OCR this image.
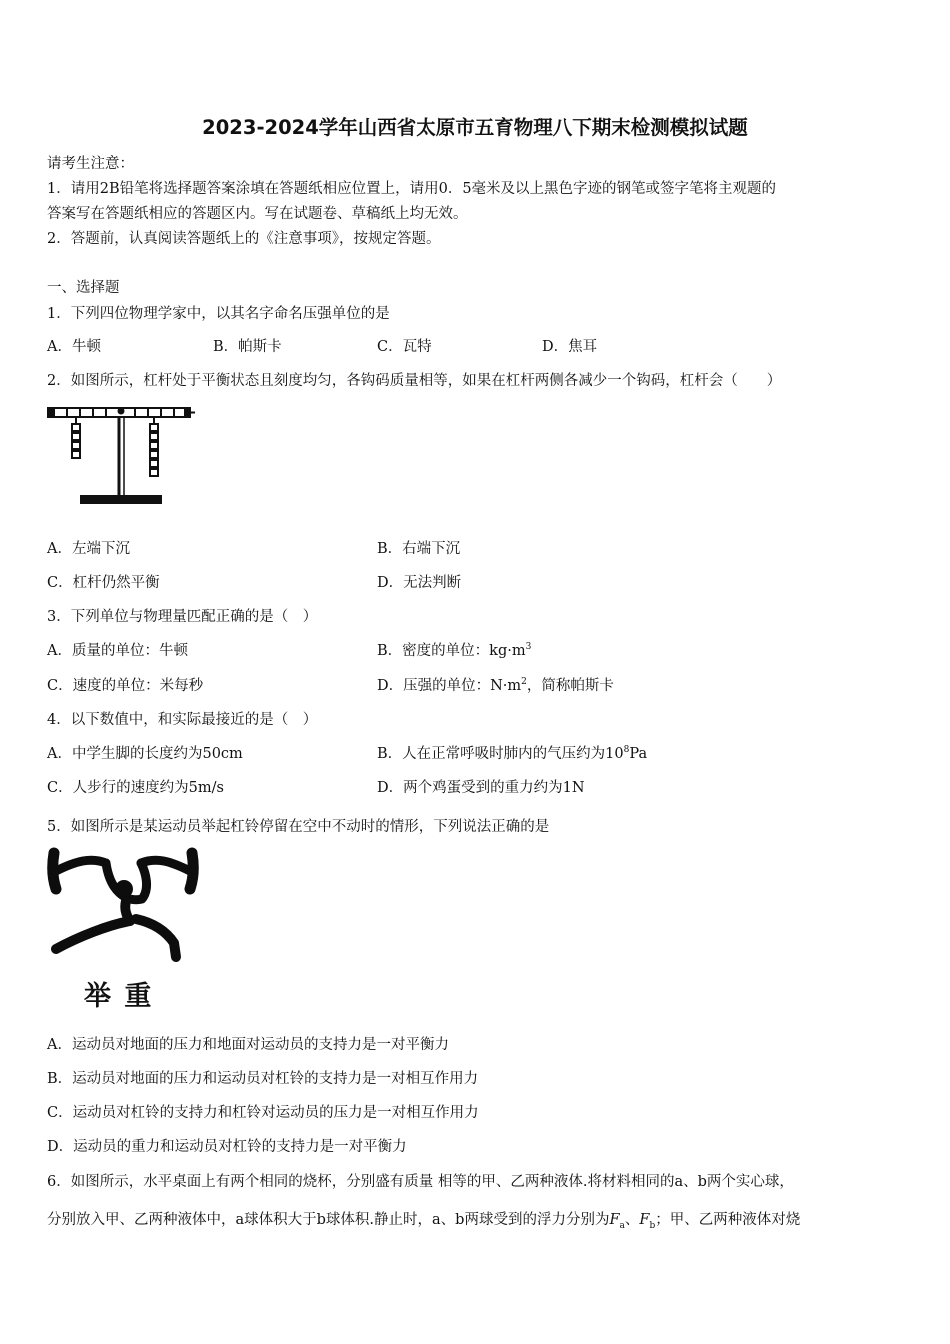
2023-2024学年山西省太原市五育物理八下期末检测模拟试题
请考生注意：
1．请用2B铅笔将选择题答案涂填在答题纸相应位置上，请用0．5毫米及以上黑色字迹的钢笔或签字笔将主观题的
答案写在答题纸相应的答题区内。写在试题卷、草稿纸上均无效。
2．答题前，认真阅读答题纸上的《注意事项》，按规定答题。
一、选择题
1．下列四位物理学家中，以其名字命名压强单位的是
A．牛顿	B．帕斯卡	C．瓦特	D．焦耳
2．如图所示，杠杆处于平衡状态且刻度均匀，各钩码质量相等，如果在杠杆两侧各减少一个钩码，杠杆会（　　）
A．左端下沉	B．右端下沉
C．杠杆仍然平衡	D．无法判断
3．下列单位与物理量匹配正确的是（　）
A．质量的单位：牛顿	B．密度的单位：$kg\cdot m^3$
C．速度的单位：米每秒	D．压强的单位：$N\cdot m^2$，简称帕斯卡
4．以下数值中，和实际最接近的是（　）
A．中学生脚的长度约为50cm	B．人在正常呼吸时肺内的气压约为$10^8Pa$
C．人步行的速度约为5m/s	D．两个鸡蛋受到的重力约为1N
5．如图所示是某运动员举起杠铃停留在空中不动时的情形，下列说法正确的是
举 重
A．运动员对地面的压力和地面对运动员的支持力是一对平衡力
B．运动员对地面的压力和运动员对杠铃的支持力是一对相互作用力
C．运动员对杠铃的支持力和杠铃对运动员的压力是一对相互作用力
D．运动员的重力和运动员对杠铃的支持力是一对平衡力
6．如图所示，水平桌面上有两个相同的烧杯，分别盛有质量 相等的甲、乙两种液体.将材料相同的a、b两个实心球，
分别放入甲、乙两种液体中，a球体积大于b球体积.静止时，a、b两球受到的浮力分别为$F_a$、$F_b$；甲、乙两种液体对烧
